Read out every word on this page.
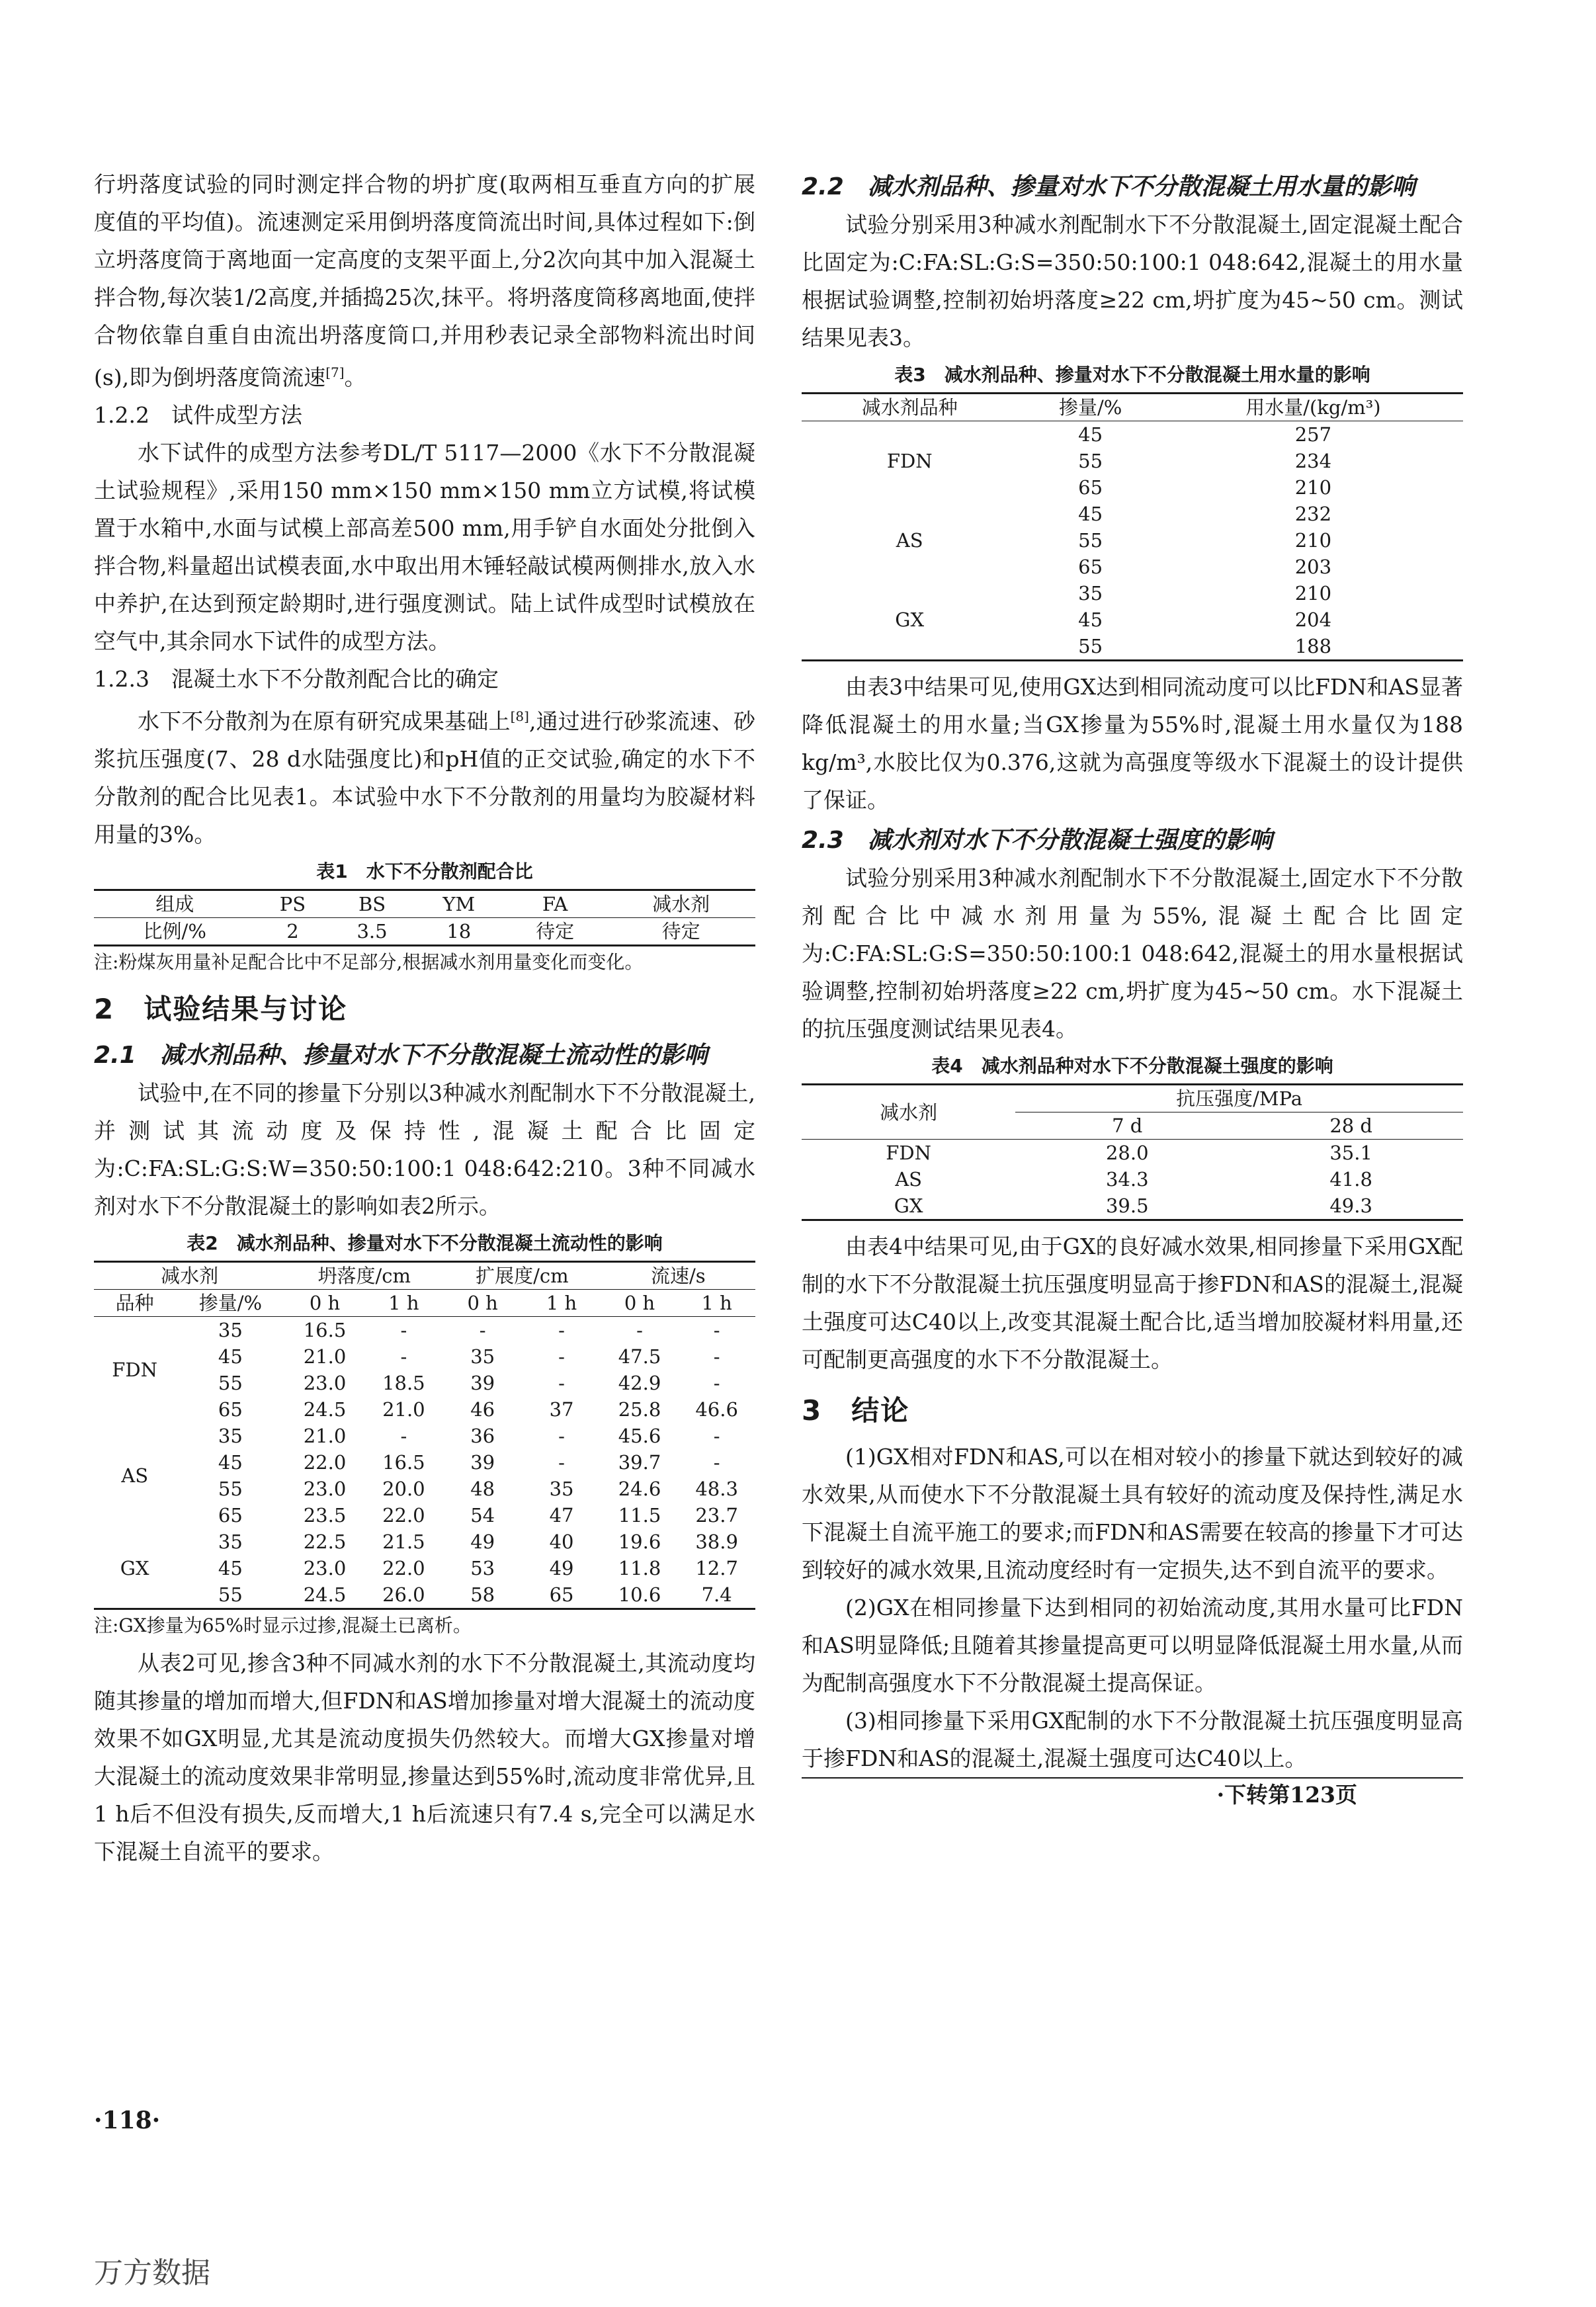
行坍落度试验的同时测定拌合物的坍扩度(取两相互垂直方向的扩展度值的平均值)。流速测定采用倒坍落度筒流出时间,具体过程如下:倒立坍落度筒于离地面一定高度的支架平面上,分2次向其中加入混凝土拌合物,每次装1/2高度,并插捣25次,抹平。将坍落度筒移离地面,使拌合物依靠自重自由流出坍落度筒口,并用秒表记录全部物料流出时间(s),即为倒坍落度筒流速[7]。

1.2.2　试件成型方法

水下试件的成型方法参考DL/T 5117—2000《水下不分散混凝土试验规程》,采用150 mm×150 mm×150 mm立方试模,将试模置于水箱中,水面与试模上部高差500 mm,用手铲自水面处分批倒入拌合物,料量超出试模表面,水中取出用木锤轻敲试模两侧排水,放入水中养护,在达到预定龄期时,进行强度测试。陆上试件成型时试模放在空气中,其余同水下试件的成型方法。

1.2.3　混凝土水下不分散剂配合比的确定

水下不分散剂为在原有研究成果基础上[8],通过进行砂浆流速、砂浆抗压强度(7、28 d水陆强度比)和pH值的正交试验,确定的水下不分散剂的配合比见表1。本试验中水下不分散剂的用量均为胶凝材料用量的3%。

表1　水下不分散剂配合比
组成	PS	BS	YM	FA	减水剂
比例/%	2	3.5	18	待定	待定
注:粉煤灰用量补足配合比中不足部分,根据减水剂用量变化而变化。
2　试验结果与讨论
2.1　减水剂品种、掺量对水下不分散混凝土流动性的影响

试验中,在不同的掺量下分别以3种减水剂配制水下不分散混凝土,并测试其流动度及保持性,混凝土配合比固定为:C:FA:SL:G:S:W=350:50:100:1 048:642:210。3种不同减水剂对水下不分散混凝土的影响如表2所示。

表2　减水剂品种、掺量对水下不分散混凝土流动性的影响
减水剂		坍落度/cm		扩展度/cm		流速/s	
品种	掺量/%	0 h	1 h	0 h	1 h	0 h	1 h
FDN	35	16.5	-	-	-	-	-
	45	21.0	-	35	-	47.5	-
	55	23.0	18.5	39	-	42.9	-
	65	24.5	21.0	46	37	25.8	46.6
AS	35	21.0	-	36	-	45.6	-
	45	22.0	16.5	39	-	39.7	-
	55	23.0	20.0	48	35	24.6	48.3
	65	23.5	22.0	54	47	11.5	23.7
GX	35	22.5	21.5	49	40	19.6	38.9
	45	23.0	22.0	53	49	11.8	12.7
	55	24.5	26.0	58	65	10.6	7.4
注:GX掺量为65%时显示过掺,混凝土已离析。

从表2可见,掺含3种不同减水剂的水下不分散混凝土,其流动度均随其掺量的增加而增大,但FDN和AS增加掺量对增大混凝土的流动度效果不如GX明显,尤其是流动度损失仍然较大。而增大GX掺量对增大混凝土的流动度效果非常明显,掺量达到55%时,流动度非常优异,且1 h后不但没有损失,反而增大,1 h后流速只有7.4 s,完全可以满足水下混凝土自流平的要求。

2.2　减水剂品种、掺量对水下不分散混凝土用水量的影响

试验分别采用3种减水剂配制水下不分散混凝土,固定混凝土配合比固定为:C:FA:SL:G:S=350:50:100:1 048:642,混凝土的用水量根据试验调整,控制初始坍落度≥22 cm,坍扩度为45~50 cm。测试结果见表3。

表3　减水剂品种、掺量对水下不分散混凝土用水量的影响
减水剂品种	掺量/%	用水量/(kg/m³)
FDN	45	257
	55	234
	65	210
AS	45	232
	55	210
	65	203
GX	35	210
	45	204
	55	188

由表3中结果可见,使用GX达到相同流动度可以比FDN和AS显著降低混凝土的用水量;当GX掺量为55%时,混凝土用水量仅为188 kg/m³,水胶比仅为0.376,这就为高强度等级水下混凝土的设计提供了保证。

2.3　减水剂对水下不分散混凝土强度的影响

试验分别采用3种减水剂配制水下不分散混凝土,固定水下不分散剂配合比中减水剂用量为55%,混凝土配合比固定为:C:FA:SL:G:S=350:50:100:1 048:642,混凝土的用水量根据试验调整,控制初始坍落度≥22 cm,坍扩度为45~50 cm。水下混凝土的抗压强度测试结果见表4。

表4　减水剂品种对水下不分散混凝土强度的影响
减水剂	抗压强度/MPa	
	7 d	28 d
FDN	28.0	35.1
AS	34.3	41.8
GX	39.5	49.3

由表4中结果可见,由于GX的良好减水效果,相同掺量下采用GX配制的水下不分散混凝土抗压强度明显高于掺FDN和AS的混凝土,混凝土强度可达C40以上,改变其混凝土配合比,适当增加胶凝材料用量,还可配制更高强度的水下不分散混凝土。

3　结论

(1)GX相对FDN和AS,可以在相对较小的掺量下就达到较好的减水效果,从而使水下不分散混凝土具有较好的流动度及保持性,满足水下混凝土自流平施工的要求;而FDN和AS需要在较高的掺量下才可达到较好的减水效果,且流动度经时有一定损失,达不到自流平的要求。

(2)GX在相同掺量下达到相同的初始流动度,其用水量可比FDN和AS明显降低;且随着其掺量提高更可以明显降低混凝土用水量,从而为配制高强度水下不分散混凝土提高保证。

(3)相同掺量下采用GX配制的水下不分散混凝土抗压强度明显高于掺FDN和AS的混凝土,混凝土强度可达C40以上。

·下转第123页
·118·
万方数据
